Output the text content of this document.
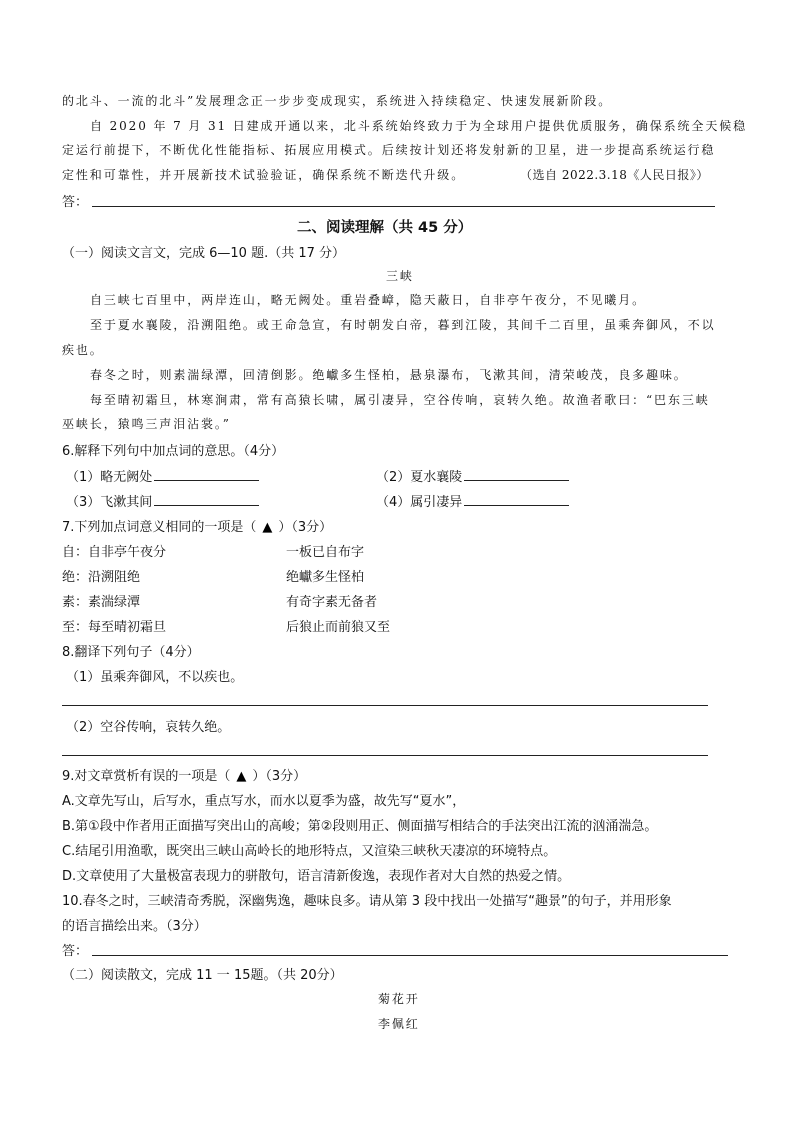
的北斗、一流的北斗”发展理念正一步步变成现实，系统进入持续稳定、快速发展新阶段。
自 2020 年 7 月 31 日建成开通以来，北斗系统始终致力于为全球用户提供优质服务，确保系统全天候稳
定运行前提下，不断优化性能指标、拓展应用模式。后续按计划还将发射新的卫星，进一步提高系统运行稳
定性和可靠性，并开展新技术试验验证，确保系统不断迭代升级。	（选自 2022.3.18《人民日报》）
答：
二、阅读理解（共 45 分）
（一）阅读文言文，完成 6—10 题.（共 17 分）
三峡
自三峡七百里中，两岸连山，略无阙处。重岩叠嶂，隐天蔽日，自非亭午夜分，不见曦月。
至于夏水襄陵，沿溯阻绝。或王命急宣，有时朝发白帝，暮到江陵，其间千二百里，虽乘奔御风，不以
疾也。
春冬之时，则素湍绿潭，回清倒影。绝巘多生怪柏，悬泉瀑布，飞漱其间，清荣峻茂，良多趣味。
每至晴初霜旦，林寒涧肃，常有高猿长啸，属引凄异，空谷传响，哀转久绝。故渔者歌曰：“巴东三峡
巫峡长，猿鸣三声泪沾裳。”
6.解释下列句中加点词的意思。（4分）
（1）略无阙处	（2）夏水襄陵
（3）飞漱其间	（4）属引凄异
7.下列加点词意义相同的一项是（ ▲ ）（3分）
自：自非亭午夜分	一板已自布字
绝：沿溯阻绝	绝巘多生怪柏
素：素湍绿潭	有奇字素无备者
至：每至晴初霜旦	后狼止而前狼又至
8.翻译下列句子（4分）
（1）虽乘奔御风，不以疾也。
（2）空谷传响，哀转久绝。
9.对文章赏析有误的一项是（ ▲ ）（3分）
A.文章先写山，后写水，重点写水，而水以夏季为盛，故先写“夏水”，
B.第①段中作者用正面描写突出山的高峻；第②段则用正、侧面描写相结合的手法突出江流的汹涌湍急。
C.结尾引用渔歌，既突出三峡山高岭长的地形特点，又渲染三峡秋天凄凉的环境特点。
D.文章使用了大量极富表现力的骈散句，语言清新俊逸，表现作者对大自然的热爱之情。
10.春冬之时，三峡清奇秀脱，深幽隽逸，趣味良多。请从第 3 段中找出一处描写“趣景”的句子，并用形象
的语言描绘出来。（3分）
答：
（二）阅读散文，完成 11 一 15题。（共 20分）
菊花开
李佩红
